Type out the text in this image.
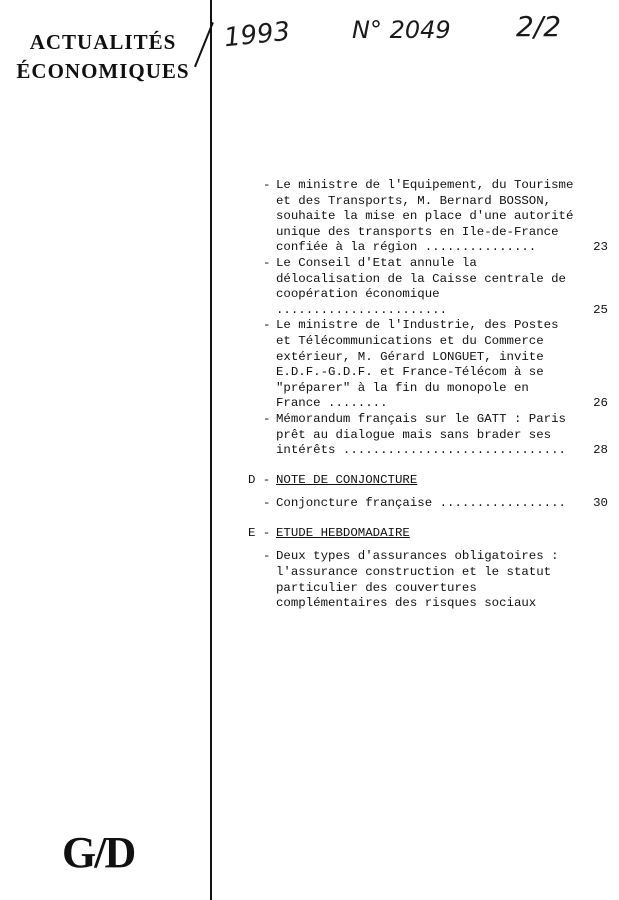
ACTUALITÉS
ÉCONOMIQUES
1993	N° 2049 2/2
- Le ministre de l'Equipement, du Tourisme et des Transports, M. Bernard BOSSON, souhaite la mise en place d'une autorité unique des transports en Ile-de-France confiée à la région ...............	23
- Le Conseil d'Etat annule la délocalisation de la Caisse centrale de coopération économique .......................	25
- Le ministre de l'Industrie, des Postes et Télécommunications et du Commerce extérieur, M. Gérard LONGUET, invite E.D.F.-G.D.F. et France-Télécom à se "préparer" à la fin du monopole en France ........	26
- Mémorandum français sur le GATT : Paris prêt au dialogue mais sans brader ses intérêts ..............................	28
D - NOTE DE CONJONCTURE
- Conjoncture française .................	30
E - ETUDE HEBDOMADAIRE
- Deux types d'assurances obligatoires : l'assurance construction et le statut particulier des couvertures complémentaires des risques sociaux
G/D
